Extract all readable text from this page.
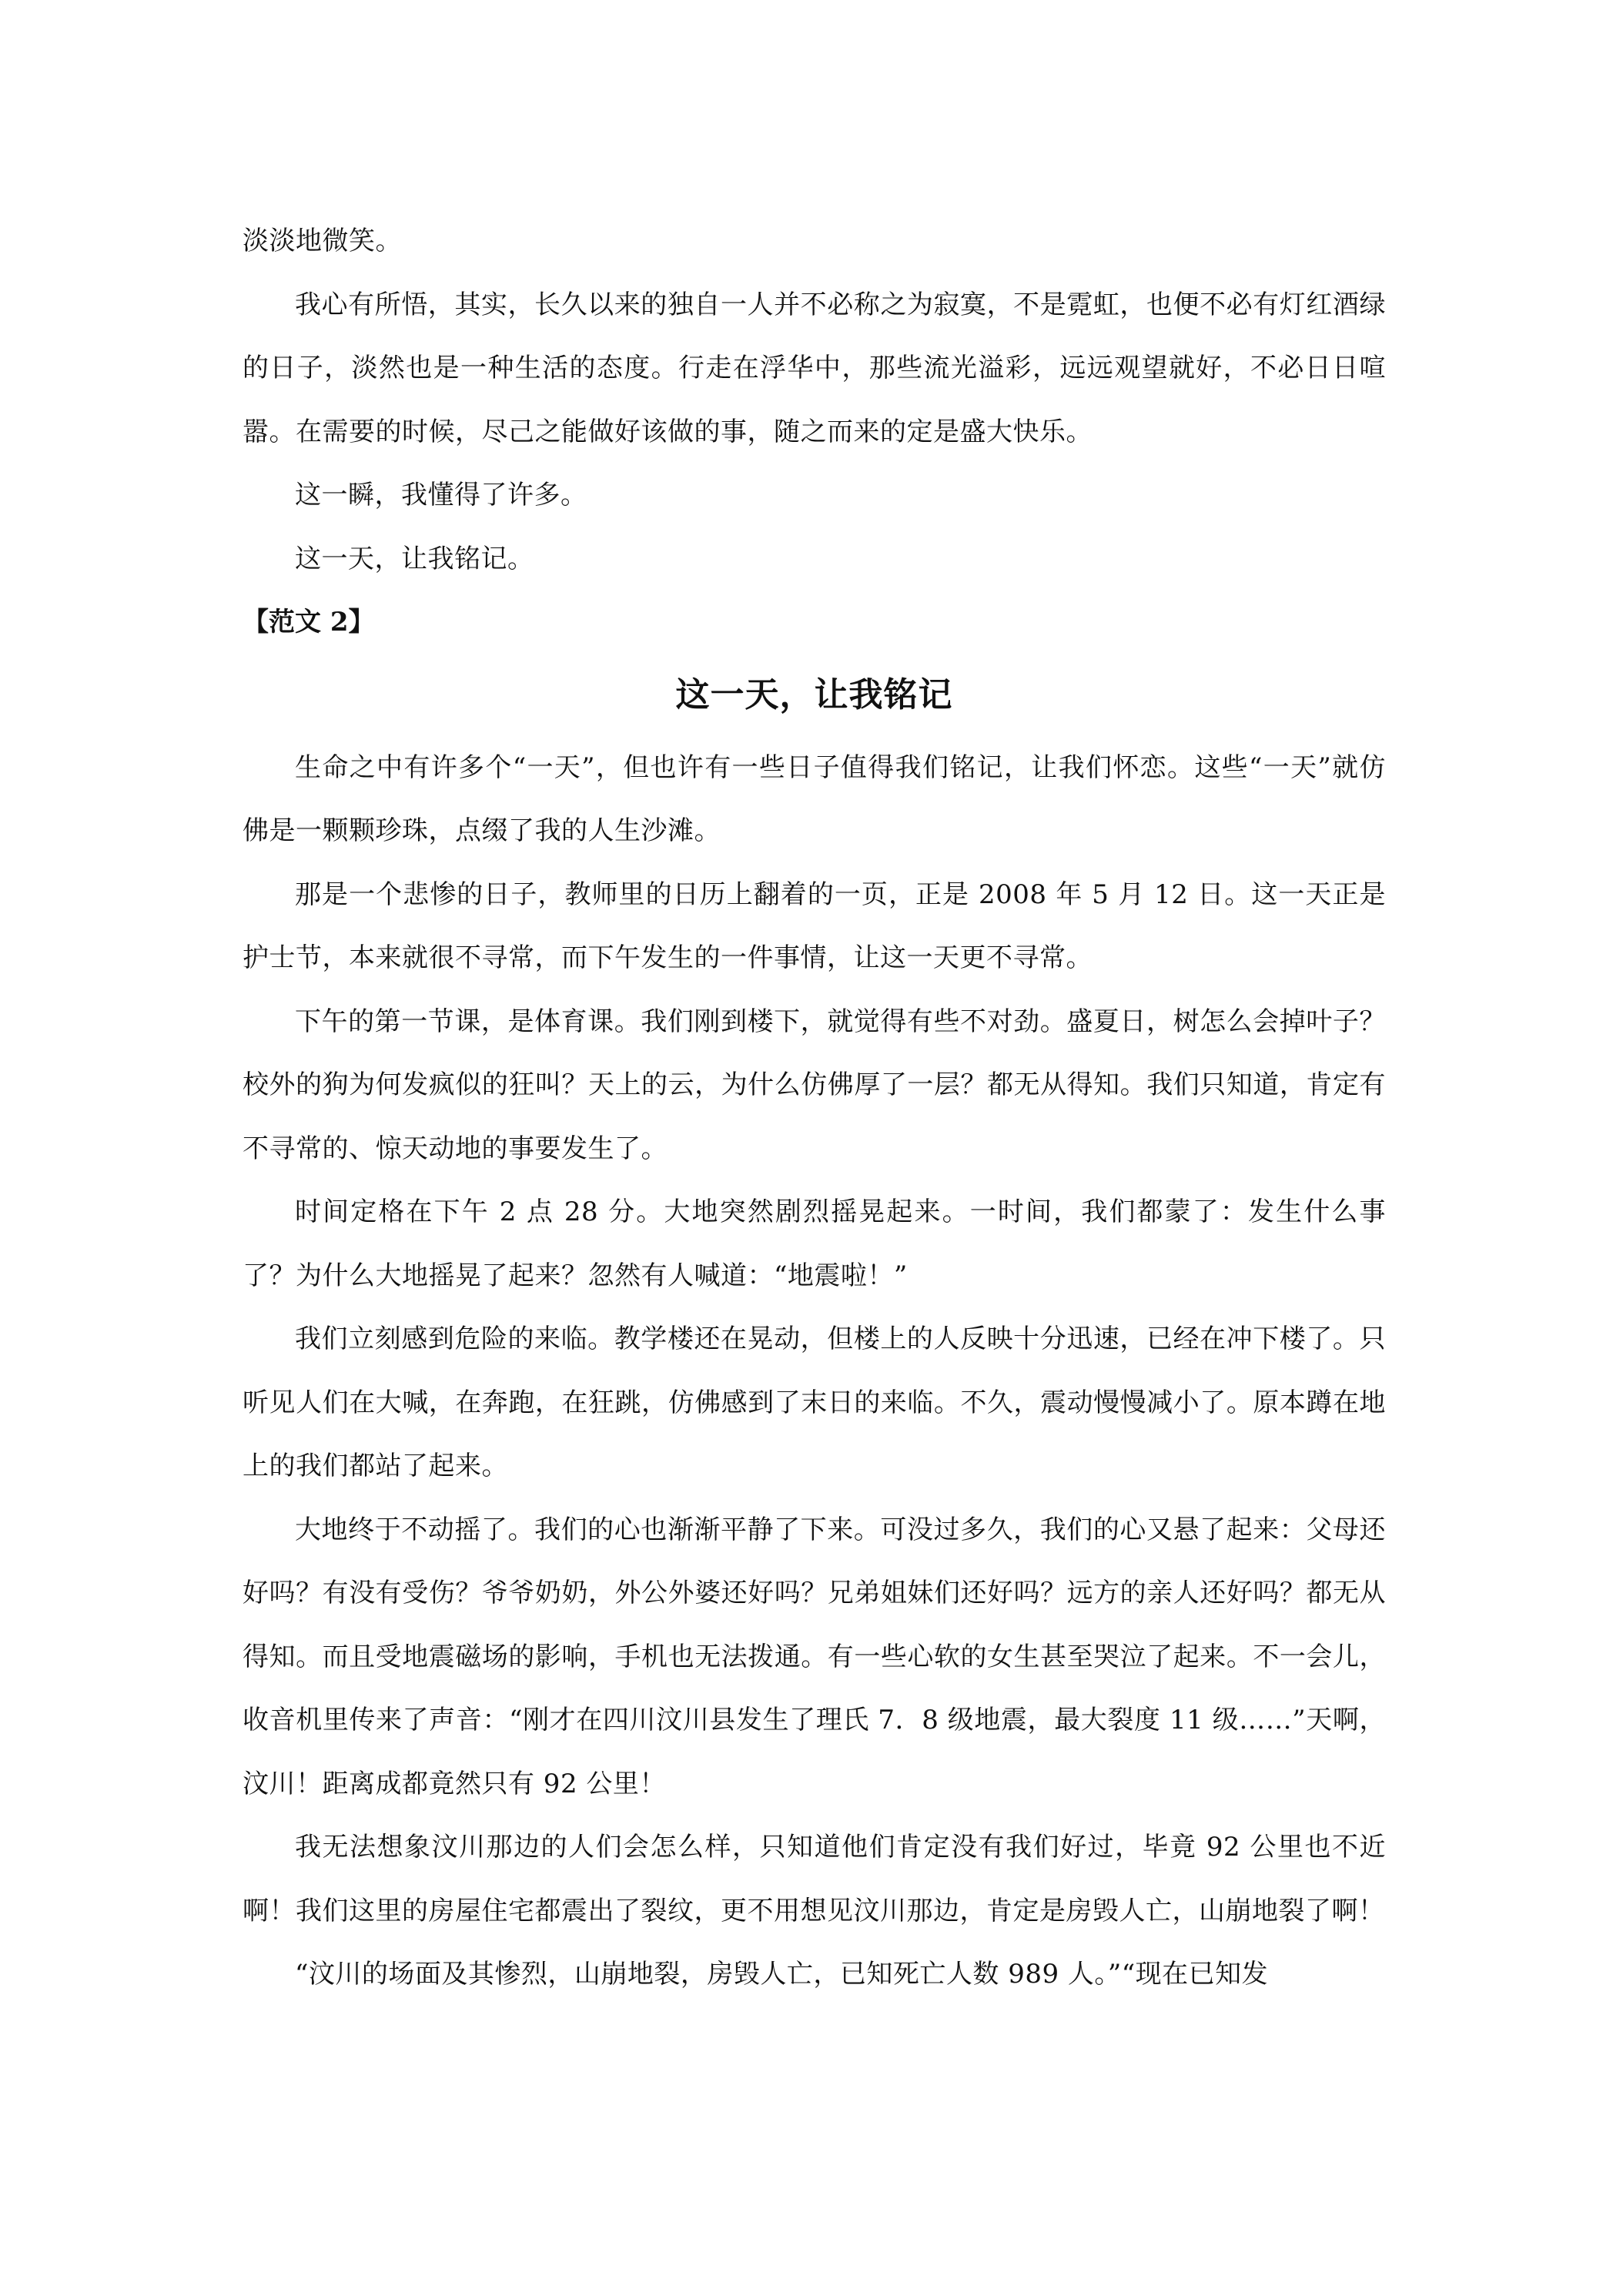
淡淡地微笑。

我心有所悟，其实，长久以来的独自一人并不必称之为寂寞，不是霓虹，也便不必有灯红酒绿的日子，淡然也是一种生活的态度。行走在浮华中，那些流光溢彩，远远观望就好，不必日日喧嚣。在需要的时候，尽己之能做好该做的事，随之而来的定是盛大快乐。

这一瞬，我懂得了许多。

这一天，让我铭记。

【范文 2】

这一天，让我铭记

生命之中有许多个“一天”，但也许有一些日子值得我们铭记，让我们怀恋。这些“一天”就仿佛是一颗颗珍珠，点缀了我的人生沙滩。

那是一个悲惨的日子，教师里的日历上翻着的一页，正是 2008 年 5 月 12 日。这一天正是护士节，本来就很不寻常，而下午发生的一件事情，让这一天更不寻常。

下午的第一节课，是体育课。我们刚到楼下，就觉得有些不对劲。盛夏日，树怎么会掉叶子？校外的狗为何发疯似的狂叫？天上的云，为什么仿佛厚了一层？都无从得知。我们只知道，肯定有不寻常的、惊天动地的事要发生了。

时间定格在下午 2 点 28 分。大地突然剧烈摇晃起来。一时间，我们都蒙了：发生什么事了？为什么大地摇晃了起来？忽然有人喊道：“地震啦！”

我们立刻感到危险的来临。教学楼还在晃动，但楼上的人反映十分迅速，已经在冲下楼了。只听见人们在大喊，在奔跑，在狂跳，仿佛感到了末日的来临。不久，震动慢慢减小了。原本蹲在地上的我们都站了起来。

大地终于不动摇了。我们的心也渐渐平静了下来。可没过多久，我们的心又悬了起来：父母还好吗？有没有受伤？爷爷奶奶，外公外婆还好吗？兄弟姐妹们还好吗？远方的亲人还好吗？都无从得知。而且受地震磁场的影响，手机也无法拨通。有一些心软的女生甚至哭泣了起来。不一会儿，收音机里传来了声音：“刚才在四川汶川县发生了理氏 7．8 级地震，最大裂度 11 级……”天啊，汶川！距离成都竟然只有 92 公里！

我无法想象汶川那边的人们会怎么样，只知道他们肯定没有我们好过，毕竟 92 公里也不近啊！我们这里的房屋住宅都震出了裂纹，更不用想见汶川那边，肯定是房毁人亡，山崩地裂了啊！

“汶川的场面及其惨烈，山崩地裂，房毁人亡，已知死亡人数 989 人。”“现在已知发
